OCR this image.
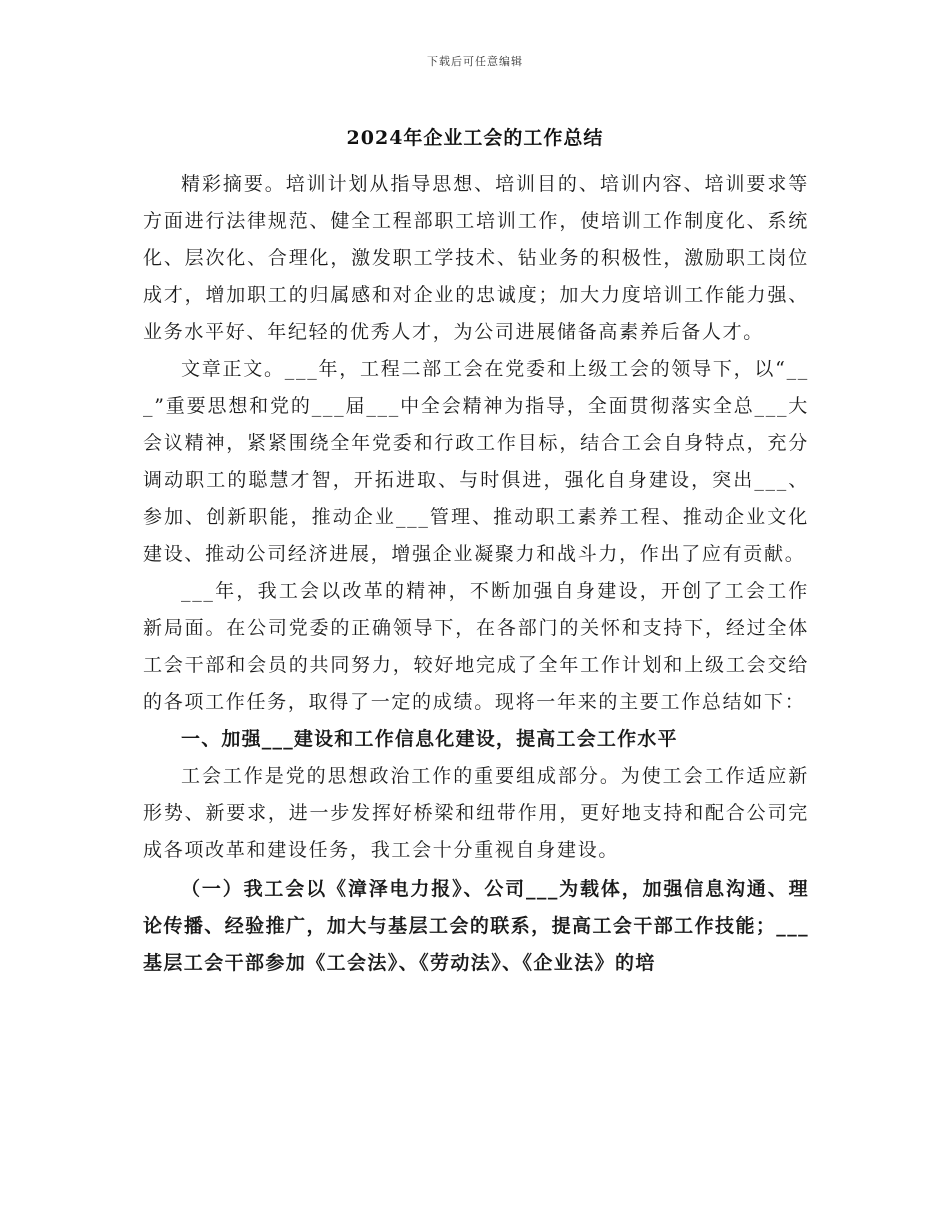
下载后可任意编辑
2024年企业工会的工作总结

精彩摘要。培训计划从指导思想、培训目的、培训内容、培训要求等方面进行法律规范、健全工程部职工培训工作，使培训工作制度化、系统化、层次化、合理化，激发职工学技术、钻业务的积极性，激励职工岗位成才，增加职工的归属感和对企业的忠诚度；加大力度培训工作能力强、业务水平好、年纪轻的优秀人才，为公司进展储备高素养后备人才。

文章正文。___年，工程二部工会在党委和上级工会的领导下，以“___”重要思想和党的___届___中全会精神为指导，全面贯彻落实全总___大会议精神，紧紧围绕全年党委和行政工作目标，结合工会自身特点，充分调动职工的聪慧才智，开拓进取、与时俱进，强化自身建设，突出___、参加、创新职能，推动企业___管理、推动职工素养工程、推动企业文化建设、推动公司经济进展，增强企业凝聚力和战斗力，作出了应有贡献。

___年，我工会以改革的精神，不断加强自身建设，开创了工会工作新局面。在公司党委的正确领导下，在各部门的关怀和支持下，经过全体工会干部和会员的共同努力，较好地完成了全年工作计划和上级工会交给的各项工作任务，取得了一定的成绩。现将一年来的主要工作总结如下：

一、加强___建设和工作信息化建设，提高工会工作水平

工会工作是党的思想政治工作的重要组成部分。为使工会工作适应新形势、新要求，进一步发挥好桥梁和纽带作用，更好地支持和配合公司完成各项改革和建设任务，我工会十分重视自身建设。

（一）我工会以《漳泽电力报》、公司___为载体，加强信息沟通、理论传播、经验推广，加大与基层工会的联系，提高工会干部工作技能；___基层工会干部参加《工会法》、《劳动法》、《企业法》的培
